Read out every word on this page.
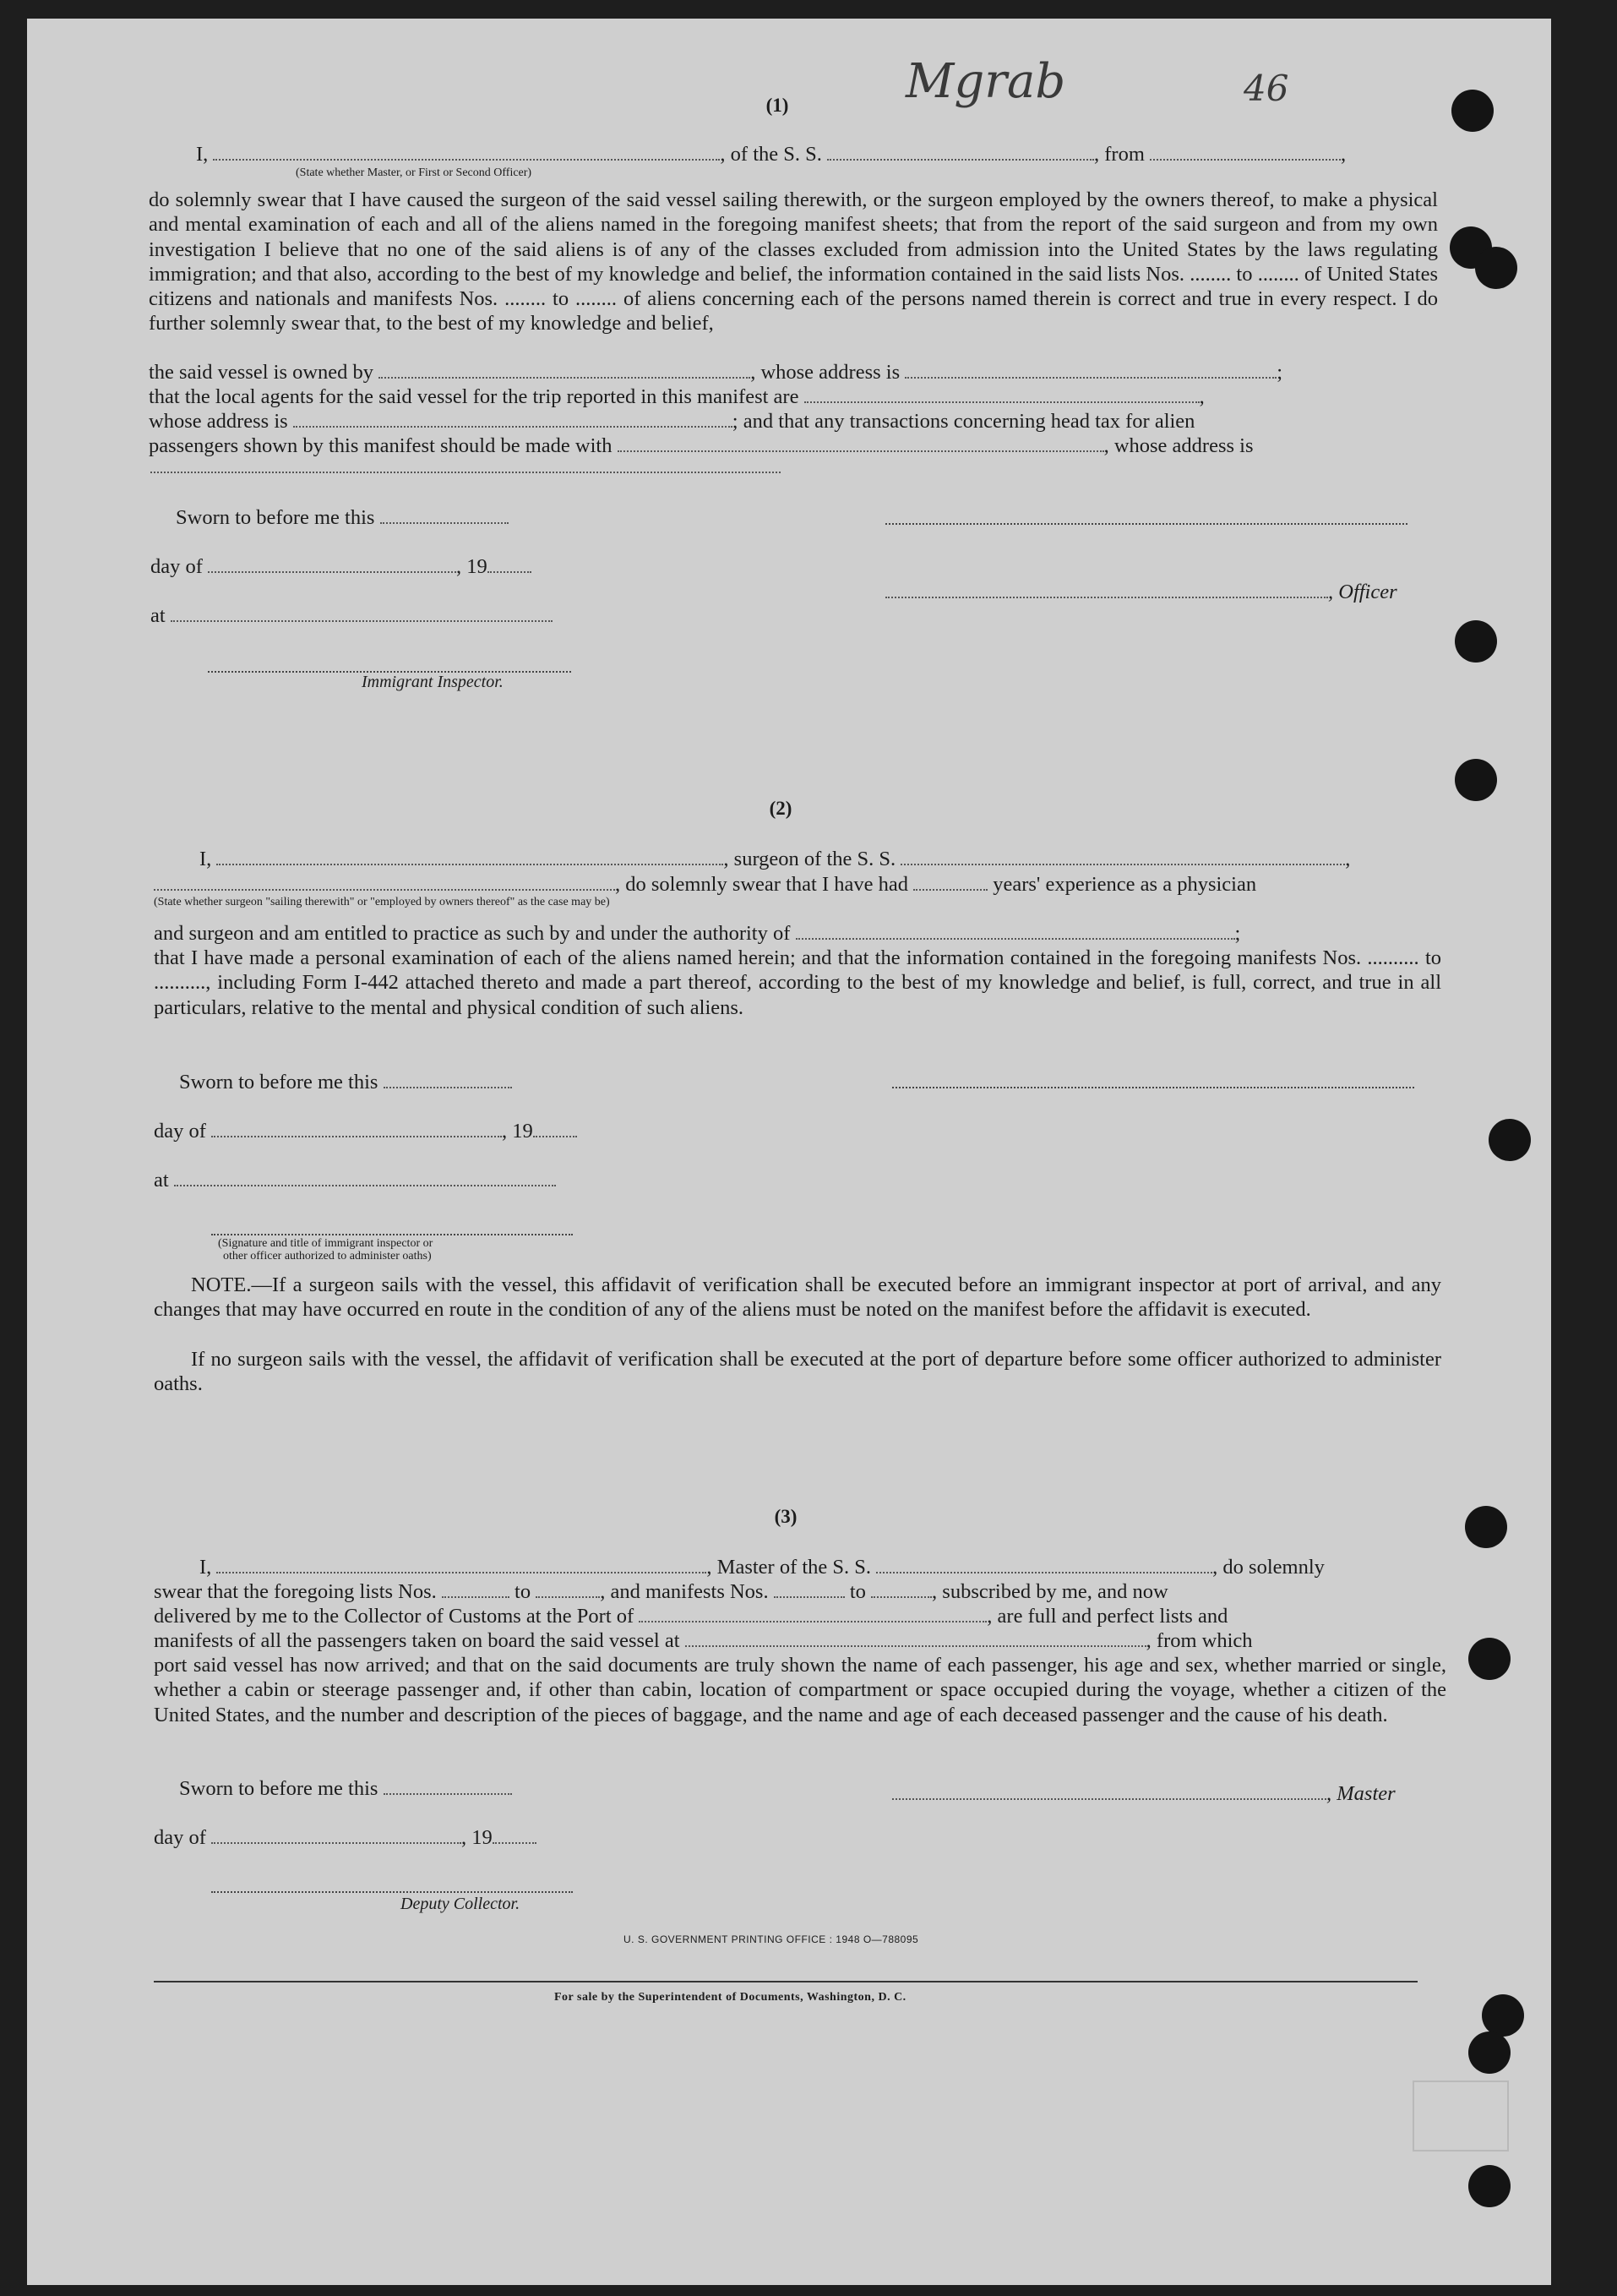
Mgrab	46
(1)
I,	, of the S. S.	, from	,
(State whether Master, or First or Second Officer)
do solemnly swear that I have caused the surgeon of the said vessel sailing therewith, or the surgeon employed by the owners thereof, to make a physical and mental examination of each and all of the aliens named in the foregoing manifest sheets; that from the report of the said surgeon and from my own investigation I believe that no one of the said aliens is of any of the classes excluded from admission into the United States by the laws regulating immigration; and that also, according to the best of my knowledge and belief, the information contained in the said lists Nos. ........ to ........ of United States citizens and nationals and manifests Nos. ........ to ........ of aliens concerning each of the persons named therein is correct and true in every respect. I do further solemnly swear that, to the best of my knowledge and belief,
the said vessel is owned by	, whose address is	;
that the local agents for the said vessel for the trip reported in this manifest are	,
whose address is	; and that any transactions concerning head tax for alien
passengers shown by this manifest should be made with	, whose address is
Sworn to before me this
day of	, 19
, Officer
at
Immigrant Inspector.
(2)
I,	, surgeon of the S. S.	,
, do solemnly swear that I have had	years' experience as a physician
(State whether surgeon "sailing therewith" or "employed by owners thereof" as the case may be)
and surgeon and am entitled to practice as such by and under the authority of	;
that I have made a personal examination of each of the aliens named herein; and that the information contained in the foregoing manifests Nos. .......... to .........., including Form I-442 attached thereto and made a part thereof, according to the best of my knowledge and belief, is full, correct, and true in all particulars, relative to the mental and physical condition of such aliens.
Sworn to before me this
day of	, 19
at
(Signature and title of immigrant inspector or
other officer authorized to administer oaths)
NOTE.—If a surgeon sails with the vessel, this affidavit of verification shall be executed before an immigrant inspector at port of arrival, and any changes that may have occurred en route in the condition of any of the aliens must be noted on the manifest before the affidavit is executed.
If no surgeon sails with the vessel, the affidavit of verification shall be executed at the port of departure before some officer authorized to administer oaths.
(3)
I,	, Master of the S. S.	, do solemnly
swear that the foregoing lists Nos.	to	, and manifests Nos.	to	, subscribed by me, and now
delivered by me to the Collector of Customs at the Port of	, are full and perfect lists and
manifests of all the passengers taken on board the said vessel at	, from which
port said vessel has now arrived; and that on the said documents are truly shown the name of each passenger, his age and sex, whether married or single, whether a cabin or steerage passenger and, if other than cabin, location of compartment or space occupied during the voyage, whether a citizen of the United States, and the number and description of the pieces of baggage, and the name and age of each deceased passenger and the cause of his death.
Sworn to before me this	, Master
day of	, 19
Deputy Collector.
U. S. GOVERNMENT PRINTING OFFICE : 1948 O—788095
For sale by the Superintendent of Documents, Washington, D. C.
